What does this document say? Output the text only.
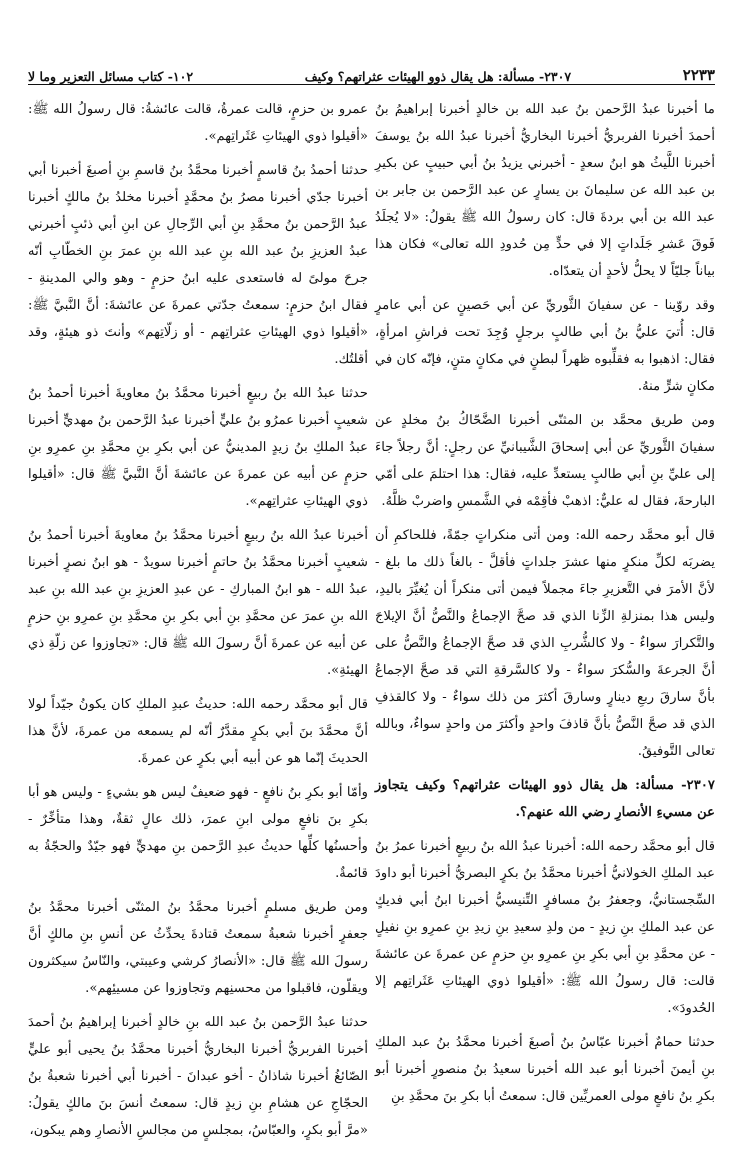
٢٢٣٣
٢٣٠٧- مسألة: هل يقال ذوو الهيئات عثراتهم؟ وكيف
١٠٢- كتاب مسائل التعزير وما لا

ما أخبرنا عبدُ الرَّحمن بنُ عبد الله بن خالدٍ أخبرنا إبراهيمُ بنُ أحمدَ أخبرنا الفربريُّ أخبرنا البخاريُّ أخبرنا عبدُ الله بنُ يوسفَ أخبرنا اللَّيثُ هو ابنُ سعدٍ - أخبرني يزيدُ بنُ أبي حبيبٍ عن بكيرِ بن عبد الله عن سليمانَ بن يسارٍ عن عبد الرَّحمن بن جابر بن عبد الله بن أبي بردةَ قال: كان رسولُ الله ﷺ يقولُ: «لا يُجلَدُ فَوقَ عَشرِ جَلَداتٍ إلا في حدٍّ مِن حُدودِ الله تعالى» فكان هذا بياناً جليّاً لا يحلُّ لأحدٍ أن يتعدّاه.

وقد روّينا - عن سفيانَ الثَّوريِّ عن أبي حَصينٍ عن أبي عامرٍ قال: أُتيَ عليُّ بنُ أبي طالبٍ برجلٍ وُجِدَ تحت فراشِ امرأةٍ، فقال: اذهبوا به فقلِّبوه ظهراً لبطنٍ في مكانٍ متنٍ، فإنّه كان في مكانٍ شرٍّ منهُ.

ومن طريق محمَّد بن المثنّى أخبرنا الضَّحّاكُ بنُ مخلدٍ عن سفيانَ الثَّوريِّ عن أبي إسحاقَ الشَّيبانيِّ عن رجلٍ: أنَّ رجلاً جاءَ إلى عليِّ بنِ أبي طالبٍ يستعدِّ عليه، فقال: هذا احتلمَ على أمّي البارحةَ، فقال له عليٌّ: اذهبْ فأقِمْه في الشَّمسِ واضربْ ظلَّهُ.

قال أبو محمَّد رحمه الله: ومن أتى منكراتٍ جمّةً، فللحاكمِ أن يضربَه لكلِّ منكرٍ منها عشرَ جلداتٍ فأقلَّ - بالغاً ذلك ما بلغ - لأنَّ الأمرَ في التَّعزيرِ جاءَ مجملاً فيمن أتى منكراً أن يُغيِّرَ باليدِ، وليس هذا بمنزلةِ الزِّنا الذي قد صحَّ الإجماعُ والنَّصُّ أنَّ الإيلاجَ والتَّكرارَ سواءٌ - ولا كالشُّربِ الذي قد صحَّ الإجماعُ والنَّصُّ على أنَّ الجرعةَ والسُّكرَ سواءٌ - ولا كالسَّرقةِ التي قد صحَّ الإجماعُ بأنَّ سارقَ ربعِ دينارٍ وسارقَ أكثرَ من ذلك سواءٌ - ولا كالقذفِ الذي قد صحَّ النَّصُّ بأنَّ قاذفَ واحدٍ وأكثرَ من واحدٍ سواءٌ، وبالله تعالى التَّوفيقُ.

٢٣٠٧- مسألة: هل يقال ذوو الهيئات عثراتهم؟ وكيف يتجاوز عن مسيءِ الأنصارِ رضي الله عنهم؟.

قال أبو محمَّد رحمه الله: أخبرنا عبدُ الله بنُ ربيعٍ أخبرنا عمرُ بنُ عبد الملكِ الخولانيُّ أخبرنا محمَّدُ بنُ بكرٍ البصريُّ أخبرنا أبو داودَ السِّجستانيُّ، وجعفرُ بنُ مسافرٍ التِّنيسيُّ أخبرنا ابنُ أبي فديكٍ عن عبد الملكِ بنِ زيدٍ - من ولدِ سعيدِ بنِ زيدِ بنِ عمرِو بنِ نفيلٍ - عن محمَّدِ بنِ أبي بكرِ بنِ عمرِو بنِ حزمٍ عن عمرةَ عن عائشةَ قالت: قال رسولُ الله ﷺ: «أقيلوا ذوي الهيئاتِ عَثَراتِهم إلا الحُدودَ».

حدثنا حمامٌ أخبرنا عبّاسُ بنُ أصبغَ أخبرنا محمَّدُ بنُ عبد الملكِ بنِ أيمنَ أخبرنا أبو عبد الله أخبرنا سعيدُ بنُ منصورٍ أخبرنا أبو بكرِ بنُ نافعٍ مولى العمريِّين قال: سمعتُ أبا بكرِ بنَ محمَّدِ بنِ

عمرو بن حزمٍ، قالت عمرةُ، قالت عائشةُ: قال رسولُ الله ﷺ: «أقيلوا ذوي الهيئاتِ عَثَراتِهم».

حدثنا أحمدُ بنُ قاسمٍ أخبرنا محمَّدُ بنُ قاسمِ بنِ أصبغَ أخبرنا أبي أخبرنا جدّي أخبرنا مصرُ بنُ محمَّدٍ أخبرنا مخلدُ بنُ مالكٍ أخبرنا عبدُ الرَّحمن بنُ محمَّدِ بنِ أبي الرِّجالِ عن ابنِ أبي ذئبٍ أخبرني عبدُ العزيزِ بنُ عبد الله بنِ عبد الله بنِ عمرَ بنِ الخطّابِ أنّه جرحَ مولىً له فاستعدى عليه ابنُ حزمٍ - وهو والي المدينةِ - فقال ابنُ حزمٍ: سمعتُ جدّتي عمرةَ عن عائشةَ: أنَّ النَّبيَّ ﷺ: «أقيلوا ذوي الهيئاتِ عثراتِهم - أو زلّاتِهم» وأنتَ ذو هيئةٍ، وقد أقلتُك.

حدثنا عبدُ الله بنُ ربيعٍ أخبرنا محمَّدُ بنُ معاويةَ أخبرنا أحمدُ بنُ شعيبٍ أخبرنا عمرُو بنُ عليٍّ أخبرنا عبدُ الرَّحمن بنُ مهديٍّ أخبرنا عبدُ الملكِ بنُ زيدٍ المدينيُّ عن أبي بكرِ بنِ محمَّدِ بنِ عمرِو بنِ حزمٍ عن أبيه عن عمرةَ عن عائشةَ أنَّ النَّبيَّ ﷺ قال: «أقيلوا ذوي الهيئاتِ عثراتِهم».

أخبرنا عبدُ الله بنُ ربيعٍ أخبرنا محمَّدُ بنُ معاويةَ أخبرنا أحمدُ بنُ شعيبٍ أخبرنا محمَّدُ بنُ حاتمٍ أخبرنا سويدٌ - هو ابنُ نصرٍ أخبرنا عبدُ الله - هو ابنُ المباركِ - عن عبدِ العزيزِ بنِ عبد الله بنِ عبد الله بنِ عمرَ عن محمَّدِ بنِ أبي بكرِ بنِ محمَّدِ بنِ عمرِو بنِ حزمٍ عن أبيه عن عمرةَ أنَّ رسولَ الله ﷺ قال: «تجاوزوا عن زلّةِ ذي الهيئةِ».

قال أبو محمَّد رحمه الله: حديثُ عبدِ الملكِ كان يكونُ جيّداً لولا أنَّ محمَّدَ بنَ أبي بكرٍ مقدَّرٌ أنّه لم يسمعه من عمرةَ، لأنَّ هذا الحديثَ إنّما هو عن أبيه أبي بكرٍ عن عمرةَ.

وأمّا أبو بكرِ بنُ نافعٍ - فهو ضعيفٌ ليس هو بشيءٍ - وليس هو أبا بكرِ بنَ نافعٍ مولى ابنِ عمرَ، ذلك عالٍ ثقةٌ، وهذا متأخِّرٌ - وأحسنُها كلِّها حديثُ عبدِ الرَّحمن بنِ مهديٍّ فهو جيّدٌ والحجّةُ به قائمةٌ.

ومن طريق مسلمٍ أخبرنا محمَّدُ بنُ المثنّى أخبرنا محمَّدُ بنُ جعفرٍ أخبرنا شعبةُ سمعتُ قتادةَ يحدِّثُ عن أنسِ بنِ مالكٍ أنَّ رسولَ الله ﷺ قال: «الأنصارُ كرشي وعيبتي، والنّاسُ سيكثرون ويقلّون، فاقبلوا من محسنِهم وتجاوزوا عن مسيئِهم».

حدثنا عبدُ الرَّحمن بنُ عبد الله بنِ خالدٍ أخبرنا إبراهيمُ بنُ أحمدَ أخبرنا الفربريُّ أخبرنا البخاريُّ أخبرنا محمَّدُ بنُ يحيى أبو عليٍّ الصّائغُ أخبرنا شاذانُ - أخو عبدانَ - أخبرنا أبي أخبرنا شعبةُ بنُ الحجّاجِ عن هشامِ بنِ زيدٍ قال: سمعتُ أنسَ بنَ مالكٍ يقولُ: «مرَّ أبو بكرٍ، والعبّاسُ، بمجلسٍ من مجالسِ الأنصارِ وهم يبكون،
